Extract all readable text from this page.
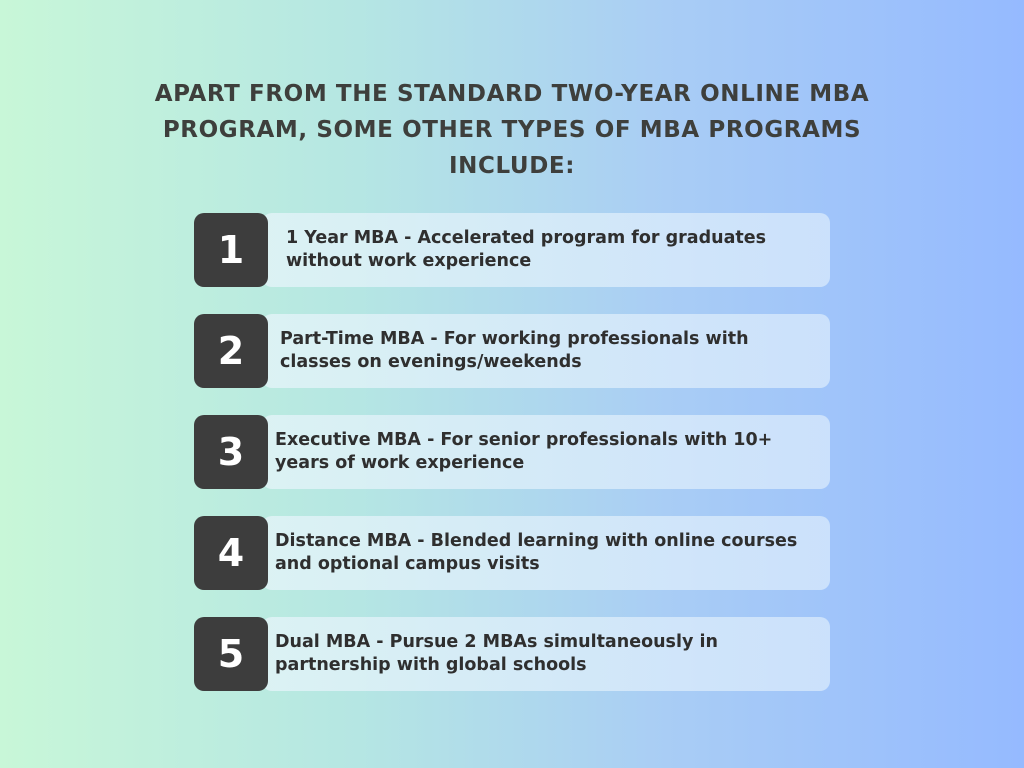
APART FROM THE STANDARD TWO-YEAR ONLINE MBA PROGRAM, SOME OTHER TYPES OF MBA PROGRAMS INCLUDE:
1 Year MBA - Accelerated program for graduates without work experience
1
Part-Time MBA - For working professionals with classes on evenings/weekends
2
Executive MBA - For senior professionals with 10+ years of work experience
3
Distance MBA - Blended learning with online courses and optional campus visits
4
Dual MBA - Pursue 2 MBAs simultaneously in partnership with global schools
5
